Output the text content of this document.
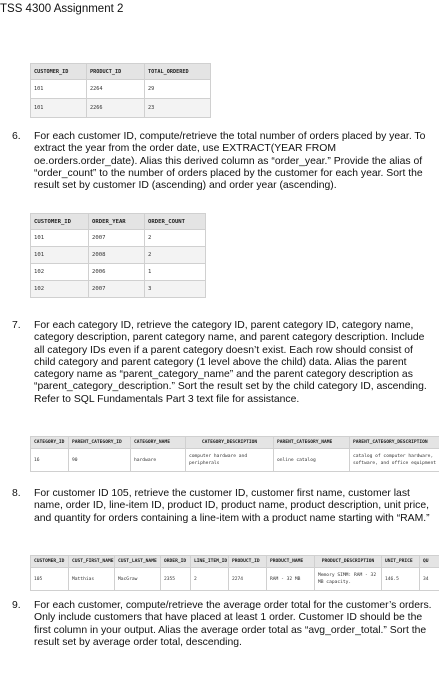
TSS 4300 Assignment 2
CUSTOMER_ID	PRODUCT_ID	TOTAL_ORDERED
101	2264	29
101	2266	23
6.	For each customer ID, compute/retrieve the total number of orders placed by year. To extract the year from the order date, use EXTRACT(YEAR FROM oe.orders.order_date). Alias this derived column as “order_year.” Provide the alias of “order_count” to the number of orders placed by the customer for each year. Sort the result set by customer ID (ascending) and order year (ascending).
CUSTOMER_ID	ORDER_YEAR	ORDER_COUNT
101	2007	2
101	2008	2
102	2006	1
102	2007	3
7.	For each category ID, retrieve the category ID, parent category ID, category name, category description, parent category name, and parent category description. Include all category IDs even if a parent category doesn’t exist. Each row should consist of child category and parent category (1 level above the child) data. Alias the parent category name as “parent_category_name” and the parent category description as “parent_category_description.” Sort the result set by the child category ID, ascending. Refer to SQL Fundamentals Part 3 text file for assistance.
CATEGORY_ID	PARENT_CATEGORY_ID	CATEGORY_NAME	CATEGORY_DESCRIPTION	PARENT_CATEGORY_NAME	PARENT_CATEGORY_DESCRIPTION
16	90	hardware	computer hardware and peripherals	online catalog	catalog of computer hardware, software, and office equipment
8.	For customer ID 105, retrieve the customer ID, customer first name, customer last name, order ID, line-item ID, product ID, product name, product description, unit price, and quantity for orders containing a line-item with a product name starting with “RAM.”
CUSTOMER_ID	CUST_FIRST_NAME	CUST_LAST_NAME	ORDER_ID	LINE_ITEM_ID	PRODUCT_ID	PRODUCT_NAME	PRODUCT_DESCRIPTION	UNIT_PRICE	QU
105	Matthias	MacGraw	2355	2	2274	RAM - 32 MB	Memory SIMM: RAM - 32 MB capacity.	146.5	34
9.	For each customer, compute/retrieve the average order total for the customer’s orders. Only include customers that have placed at least 1 order. Customer ID should be the first column in your output. Alias the average order total as “avg_order_total.” Sort the result set by average order total, descending.
